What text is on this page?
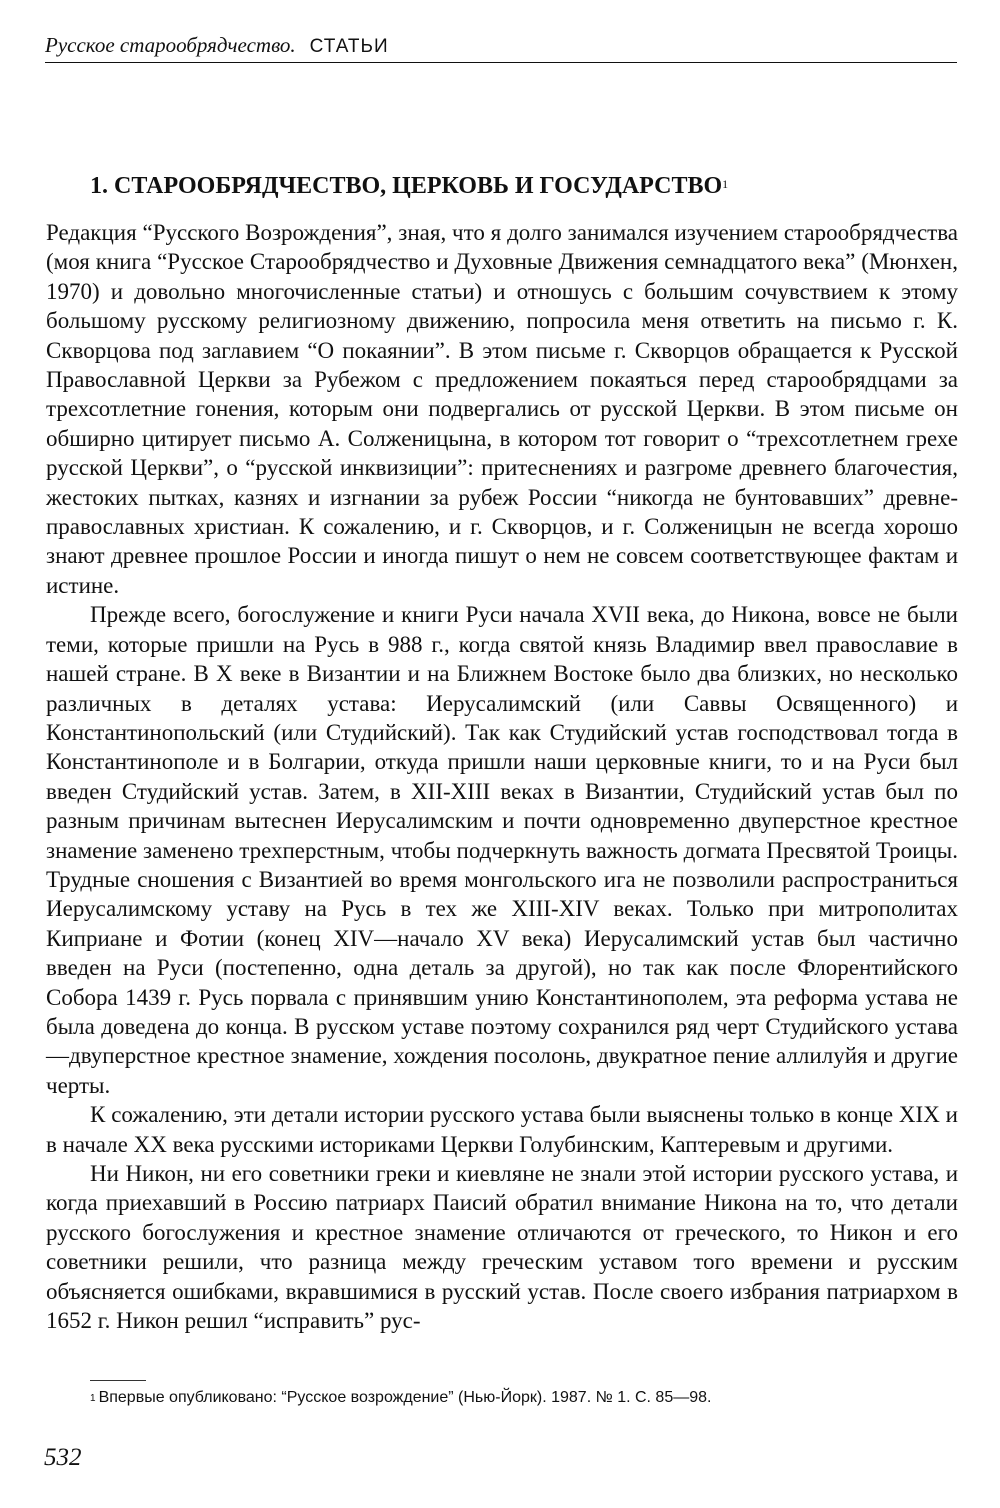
Русское старообрядчество. СТАТЬИ
1. СТАРООБРЯДЧЕСТВО, ЦЕРКОВЬ И ГОСУДАРСТВО$^1$

Редакция “Русского Возрождения”, зная, что я долго занимался изучением старообрядчества (моя книга “Русское Старообрядчество и Духовные Движения семнадцатого века” (Мюнхен, 1970) и довольно многочисленные статьи) и отношусь с большим сочувствием к этому большому русскому религиозному движению, попросила меня ответить на письмо г. К. Скворцова под заглавием “О покаянии”. В этом письме г. Скворцов обращается к Русской Православной Церкви за Рубежом с предложением покаяться перед старообрядцами за трехсотлетние гонения, которым они подвергались от русской Церкви. В этом письме он обширно цитирует письмо А. Солженицына, в котором тот говорит о “трехсотлетнем грехе русской Церкви”, о “русской инквизиции”: притеснениях и разгроме древнего благочестия, жестоких пытках, казнях и изгнании за рубеж России “никогда не бунтовавших” древне-православных христиан. К сожалению, и г. Скворцов, и г. Солженицын не всегда хорошо знают древнее прошлое России и иногда пишут о нем не совсем соответствующее фактам и истине.

Прежде всего, богослужение и книги Руси начала XVII века, до Никона, вовсе не были теми, которые пришли на Русь в 988 г., когда святой князь Владимир ввел православие в нашей стране. В X веке в Византии и на Ближнем Востоке было два близких, но несколько различных в деталях устава: Иерусалимский (или Саввы Освященного) и Константинопольский (или Студийский). Так как Студийский устав господствовал тогда в Константинополе и в Болгарии, откуда пришли наши церковные книги, то и на Руси был введен Студийский устав. Затем, в XII-XIII веках в Византии, Студийский устав был по разным причинам вытеснен Иерусалимским и почти одновременно двуперстное крестное знамение заменено трехперстным, чтобы подчеркнуть важность догмата Пресвятой Троицы. Трудные сношения с Византией во время монгольского ига не позволили распространиться Иерусалимскому уставу на Русь в тех же XIII-XIV веках. Только при митрополитах Киприане и Фотии (конец XIV—начало XV века) Иерусалимский устав был частично введен на Руси (постепенно, одна деталь за другой), но так как после Флорентийского Собора 1439 г. Русь порвала с принявшим унию Константинополем, эта реформа устава не была доведена до конца. В русском уставе поэтому сохранился ряд черт Студийского устава—двуперстное крестное знамение, хождения посолонь, двукратное пение аллилуйя и другие черты.

К сожалению, эти детали истории русского устава были выяснены только в конце XIX и в начале XX века русскими историками Церкви Голубинским, Каптеревым и другими.

Ни Никон, ни его советники греки и киевляне не знали этой истории русского устава, и когда приехавший в Россию патриарх Паисий обратил внимание Никона на то, что детали русского богослужения и крестное знамение отличаются от греческого, то Никон и его советники решили, что разница между греческим уставом того времени и русским объясняется ошибками, вкравшимися в русский устав. После своего избрания патриархом в 1652 г. Никон решил “исправить” рус-

$^1$ Впервые опубликовано: “Русское возрождение” (Нью-Йорк). 1987. № 1. С. 85—98.
532
